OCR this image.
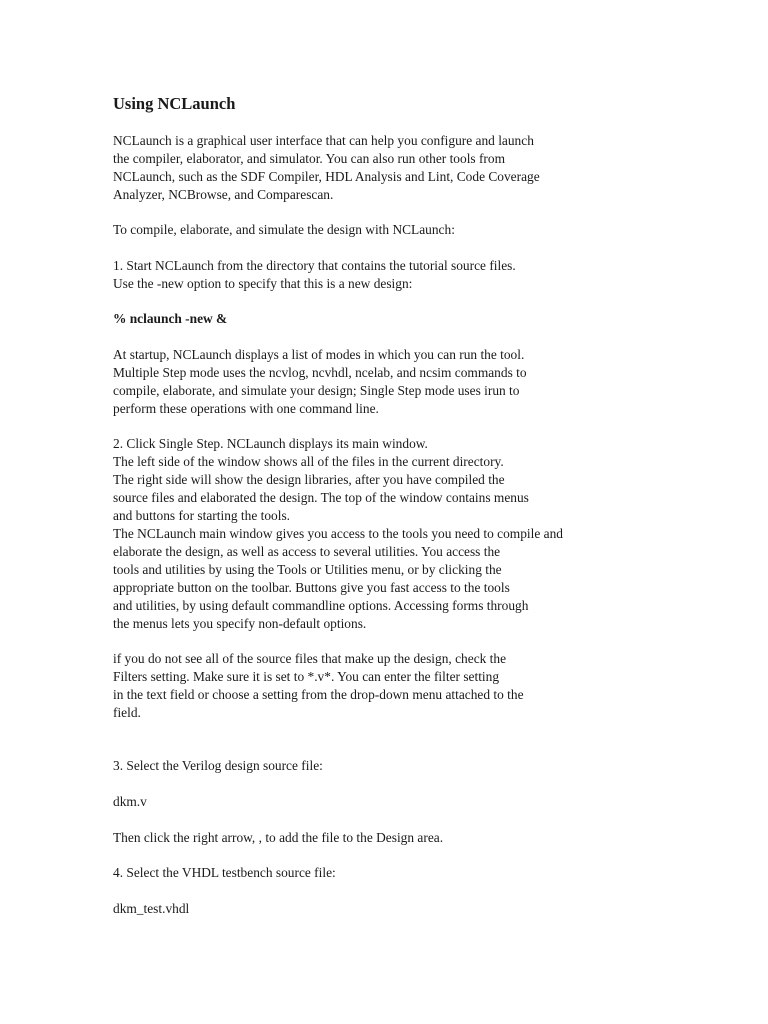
Using NCLaunch
NCLaunch is a graphical user interface that can help you configure and launch
the compiler, elaborator, and simulator. You can also run other tools from
NCLaunch, such as the SDF Compiler, HDL Analysis and Lint, Code Coverage
Analyzer, NCBrowse, and Comparescan.
To compile, elaborate, and simulate the design with NCLaunch:
1. Start NCLaunch from the directory that contains the tutorial source files.
Use the -new option to specify that this is a new design:
% nclaunch -new &
At startup, NCLaunch displays a list of modes in which you can run the tool.
Multiple Step mode uses the ncvlog, ncvhdl, ncelab, and ncsim commands to
compile, elaborate, and simulate your design; Single Step mode uses irun to
perform these operations with one command line.
2. Click Single Step. NCLaunch displays its main window.
The left side of the window shows all of the files in the current directory.
The right side will show the design libraries, after you have compiled the
source files and elaborated the design. The top of the window contains menus
and buttons for starting the tools.
The NCLaunch main window gives you access to the tools you need to compile and
elaborate the design, as well as access to several utilities. You access the
tools and utilities by using the Tools or Utilities menu, or by clicking the
appropriate button on the toolbar. Buttons give you fast access to the tools
and utilities, by using default commandline options. Accessing forms through
the menus lets you specify non-default options.
if you do not see all of the source files that make up the design, check the
Filters setting. Make sure it is set to *.v*. You can enter the filter setting
in the text field or choose a setting from the drop-down menu attached to the
field.
3. Select the Verilog design source file:
dkm.v
Then click the right arrow, , to add the file to the Design area.
4. Select the VHDL testbench source file:
dkm_test.vhdl
